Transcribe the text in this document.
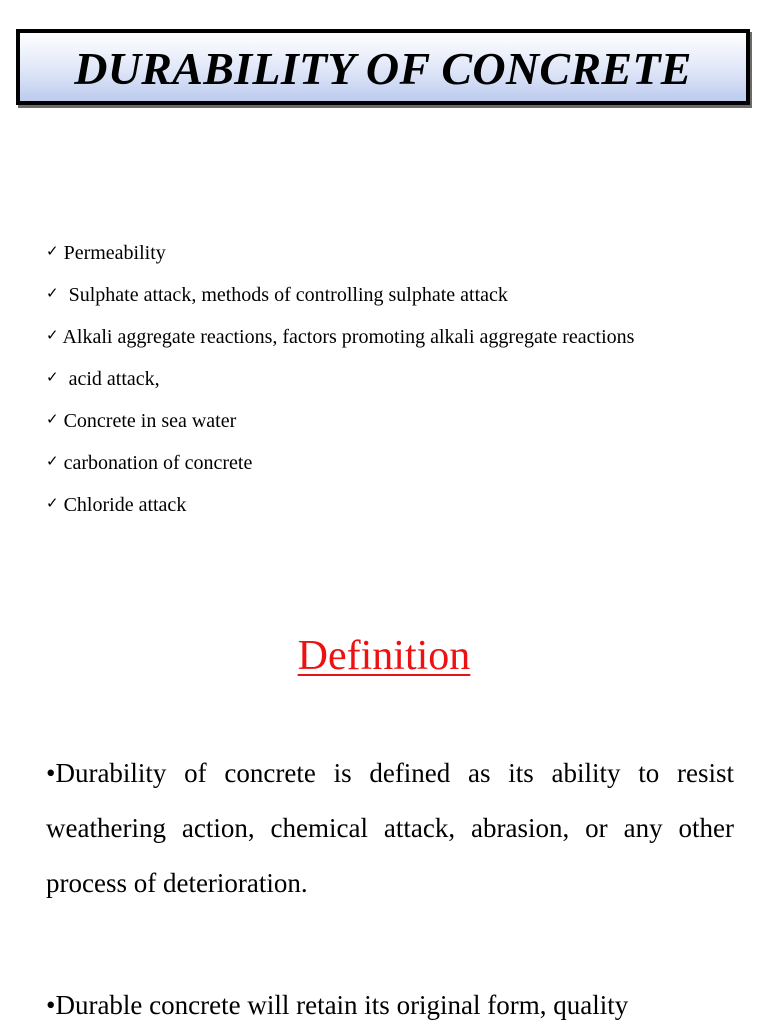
DURABILITY OF CONCRETE
✓ Permeability
✓  Sulphate attack, methods of controlling sulphate attack
✓ Alkali aggregate reactions, factors promoting alkali aggregate reactions
✓  acid attack,
✓ Concrete in sea water
✓ carbonation of concrete
✓ Chloride attack
Definition

•Durability of concrete is defined as its ability to resist weathering action, chemical attack, abrasion, or any other process of deterioration.

•Durable concrete will retain its original form, quality
